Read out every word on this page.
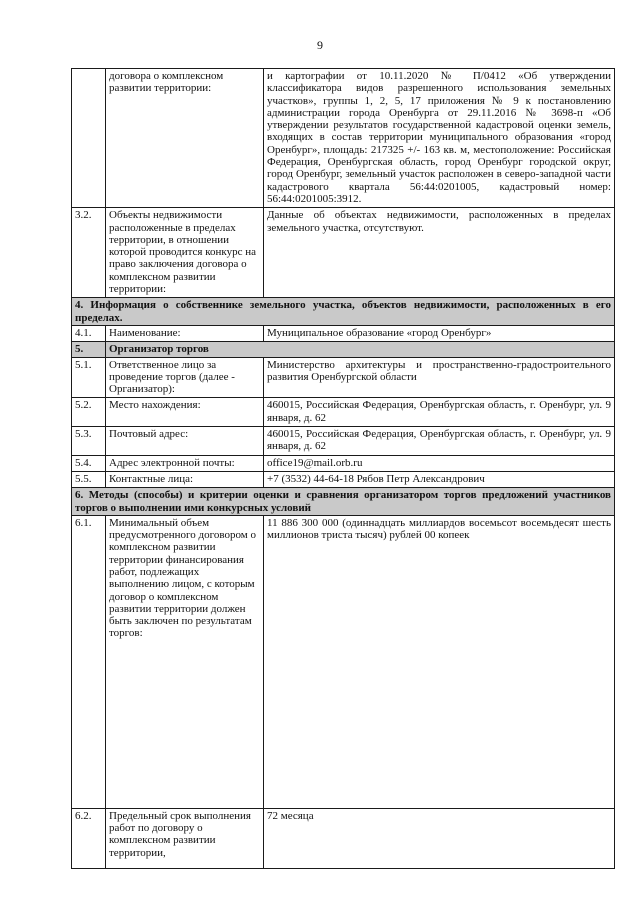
9
	договора о комплексном развитии территории:	и картографии от 10.11.2020 № П/0412 «Об утверждении классификатора видов разрешенного использования земельных участков», группы 1, 2, 5, 17 приложения № 9 к постановлению администрации города Оренбурга от 29.11.2016 № 3698-п «Об утверждении результатов государственной кадастровой оценки земель, входящих в состав территории муниципального образования «город Оренбург», площадь: 217325 +/- 163 кв. м, местоположение: Российская Федерация, Оренбургская область, город Оренбург городской округ, город Оренбург, земельный участок расположен в северо-западной части кадастрового квартала 56:44:0201005, кадастровый номер: 56:44:0201005:3912.
3.2.	Объекты недвижимости расположенные в пределах территории, в отношении которой проводится конкурс на право заключения договора о комплексном развитии территории:	Данные об объектах недвижимости, расположенных в пределах земельного участка, отсутствуют.
4. Информация о собственнике земельного участка, объектов недвижимости, расположенных в его пределах.		
4.1.	Наименование:	Муниципальное образование «город Оренбург»
5.	Организатор торгов	
5.1.	Ответственное лицо за проведение торгов (далее - Организатор):	Министерство архитектуры и пространственно-градостроительного развития Оренбургской области
5.2.	Место нахождения:	460015, Российская Федерация, Оренбургская область, г. Оренбург, ул. 9 января, д. 62
5.3.	Почтовый адрес:	460015, Российская Федерация, Оренбургская область, г. Оренбург, ул. 9 января, д. 62
5.4.	Адрес электронной почты:	office19@mail.orb.ru
5.5.	Контактные лица:	+7 (3532) 44-64-18 Рябов Петр Александрович
6. Методы (способы) и критерии оценки и сравнения организатором торгов предложений участников торгов о выполнении ими конкурсных условий		
6.1.	Минимальный объем предусмотренного договором о комплексном развитии территории финансирования работ, подлежащих выполнению лицом, с которым договор о комплексном развитии территории должен быть заключен по результатам торгов:	11 886 300 000 (одиннадцать миллиардов восемьсот восемьдесят шесть миллионов триста тысяч) рублей 00 копеек
6.2.	Предельный срок выполнения работ по договору о комплексном развитии территории,	72 месяца
